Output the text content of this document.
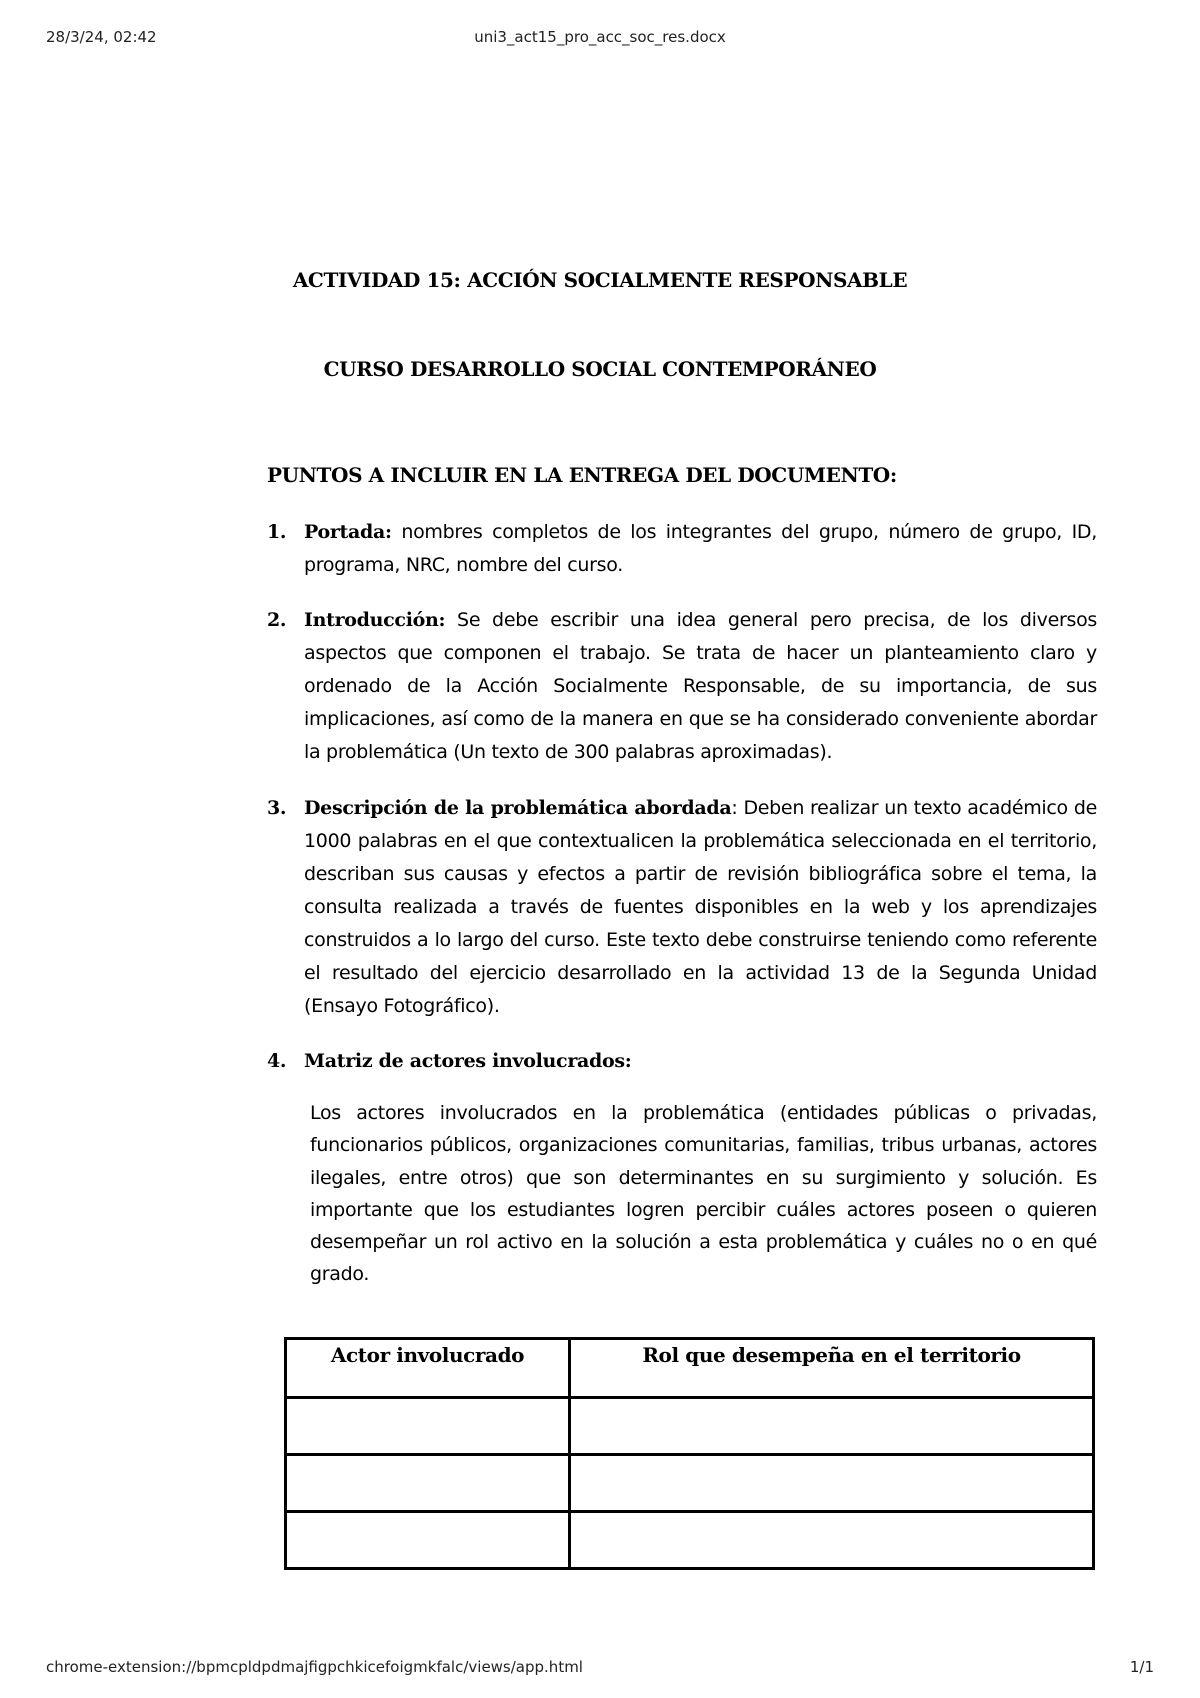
28/3/24, 02:42	uni3_act15_pro_acc_soc_res.docx
ACTIVIDAD 15: ACCIÓN SOCIALMENTE RESPONSABLE
CURSO DESARROLLO SOCIAL CONTEMPORÁNEO
PUNTOS A INCLUIR EN LA ENTREGA DEL DOCUMENTO:
1. Portada: nombres completos de los integrantes del grupo, número de grupo, ID, programa, NRC, nombre del curso.
2. Introducción: Se debe escribir una idea general pero precisa, de los diversos aspectos que componen el trabajo. Se trata de hacer un planteamiento claro y ordenado de la Acción Socialmente Responsable, de su importancia, de sus implicaciones, así como de la manera en que se ha considerado conveniente abordar la problemática (Un texto de 300 palabras aproximadas).
3. Descripción de la problemática abordada: Deben realizar un texto académico de 1000 palabras en el que contextualicen la problemática seleccionada en el territorio, describan sus causas y efectos a partir de revisión bibliográfica sobre el tema, la consulta realizada a través de fuentes disponibles en la web y los aprendizajes construidos a lo largo del curso. Este texto debe construirse teniendo como referente el resultado del ejercicio desarrollado en la actividad 13 de la Segunda Unidad (Ensayo Fotográfico).
4. Matriz de actores involucrados:
Los actores involucrados en la problemática (entidades públicas o privadas, funcionarios públicos, organizaciones comunitarias, familias, tribus urbanas, actores ilegales, entre otros) que son determinantes en su surgimiento y solución. Es importante que los estudiantes logren percibir cuáles actores poseen o quieren desempeñar un rol activo en la solución a esta problemática y cuáles no o en qué grado.
Actor involucrado	Rol que desempeña en el territorio

chrome-extension://bpmcpldpdmajfigpchkicefoigmkfalc/views/app.html	1/1
